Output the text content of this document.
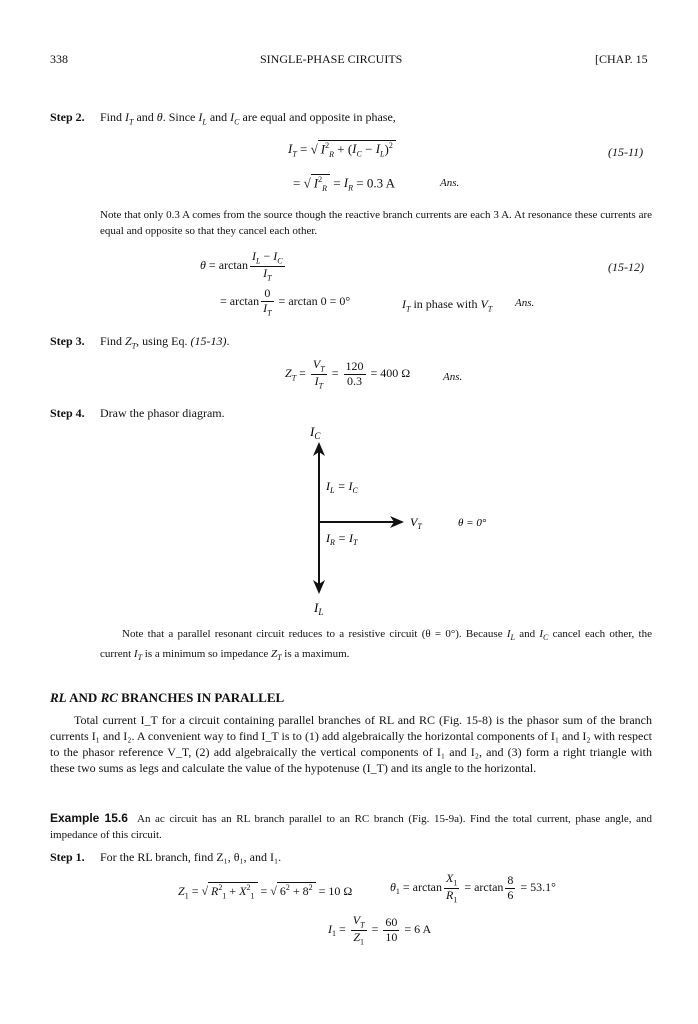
338	SINGLE-PHASE CIRCUITS	[CHAP. 15
Step 2. Find $I_T$ and θ. Since $I_L$ and $I_C$ are equal and opposite in phase,
$I_T$ = √ $I^2_R + (I_C - I_L)^2$	(15-11)
= √ $I^2_R = I_R = 0.3$ A	Ans.
Note that only 0.3 A comes from the source though the reactive branch currents are each 3 A. At resonance these currents are equal and opposite so that they cancel each other.
$\theta = \arctan \frac{I_L - I_C}{I_T}$	(15-12)
= $\arctan \frac{0}{I_T} = \arctan 0 = 0^\circ$	$I_T$ in phase with $V_T$ Ans.
Step 3. Find $Z_T$, using Eq. (15-13).
$Z_T = \frac{V_T}{I_T} = \frac{120}{0.3} = 400$ Ω	Ans.
Step 4. Draw the phasor diagram.
$I_C$
$I_L = I_C$
$V_T$	θ = 0°
$I_R = I_T$
$I_L$
Note that a parallel resonant circuit reduces to a resistive circuit (θ = 0°). Because $I_L$ and $I_C$ cancel each other, the current $I_T$ is a minimum so impedance $Z_T$ is a maximum.
RL AND RC BRANCHES IN PARALLEL
Total current I_T for a circuit containing parallel branches of RL and RC (Fig. 15-8) is the phasor sum of the branch currents I₁ and I₂. A convenient way to find I_T is to (1) add algebraically the horizontal components of I₁ and I₂ with respect to the phasor reference V_T, (2) add algebraically the vertical components of I₁ and I₂, and (3) form a right triangle with these two sums as legs and calculate the value of the hypotenuse (I_T) and its angle to the horizontal.
Example 15.6 An ac circuit has an RL branch parallel to an RC branch (Fig. 15-9a). Find the total current, phase angle, and impedance of this circuit.
Step 1. For the RL branch, find Z₁, θ₁, and I₁.
$Z_1$ = √ $R^2_1 + X^2_1$ = √ $6^2 + 8^2 = 10$ Ω	$\theta_1 = \arctan \frac{X_1}{R_1} = \arctan \frac{8}{6} = 53.1^\circ$
$I_1 = \frac{V_T}{Z_1} = \frac{60}{10} = 6$ A
